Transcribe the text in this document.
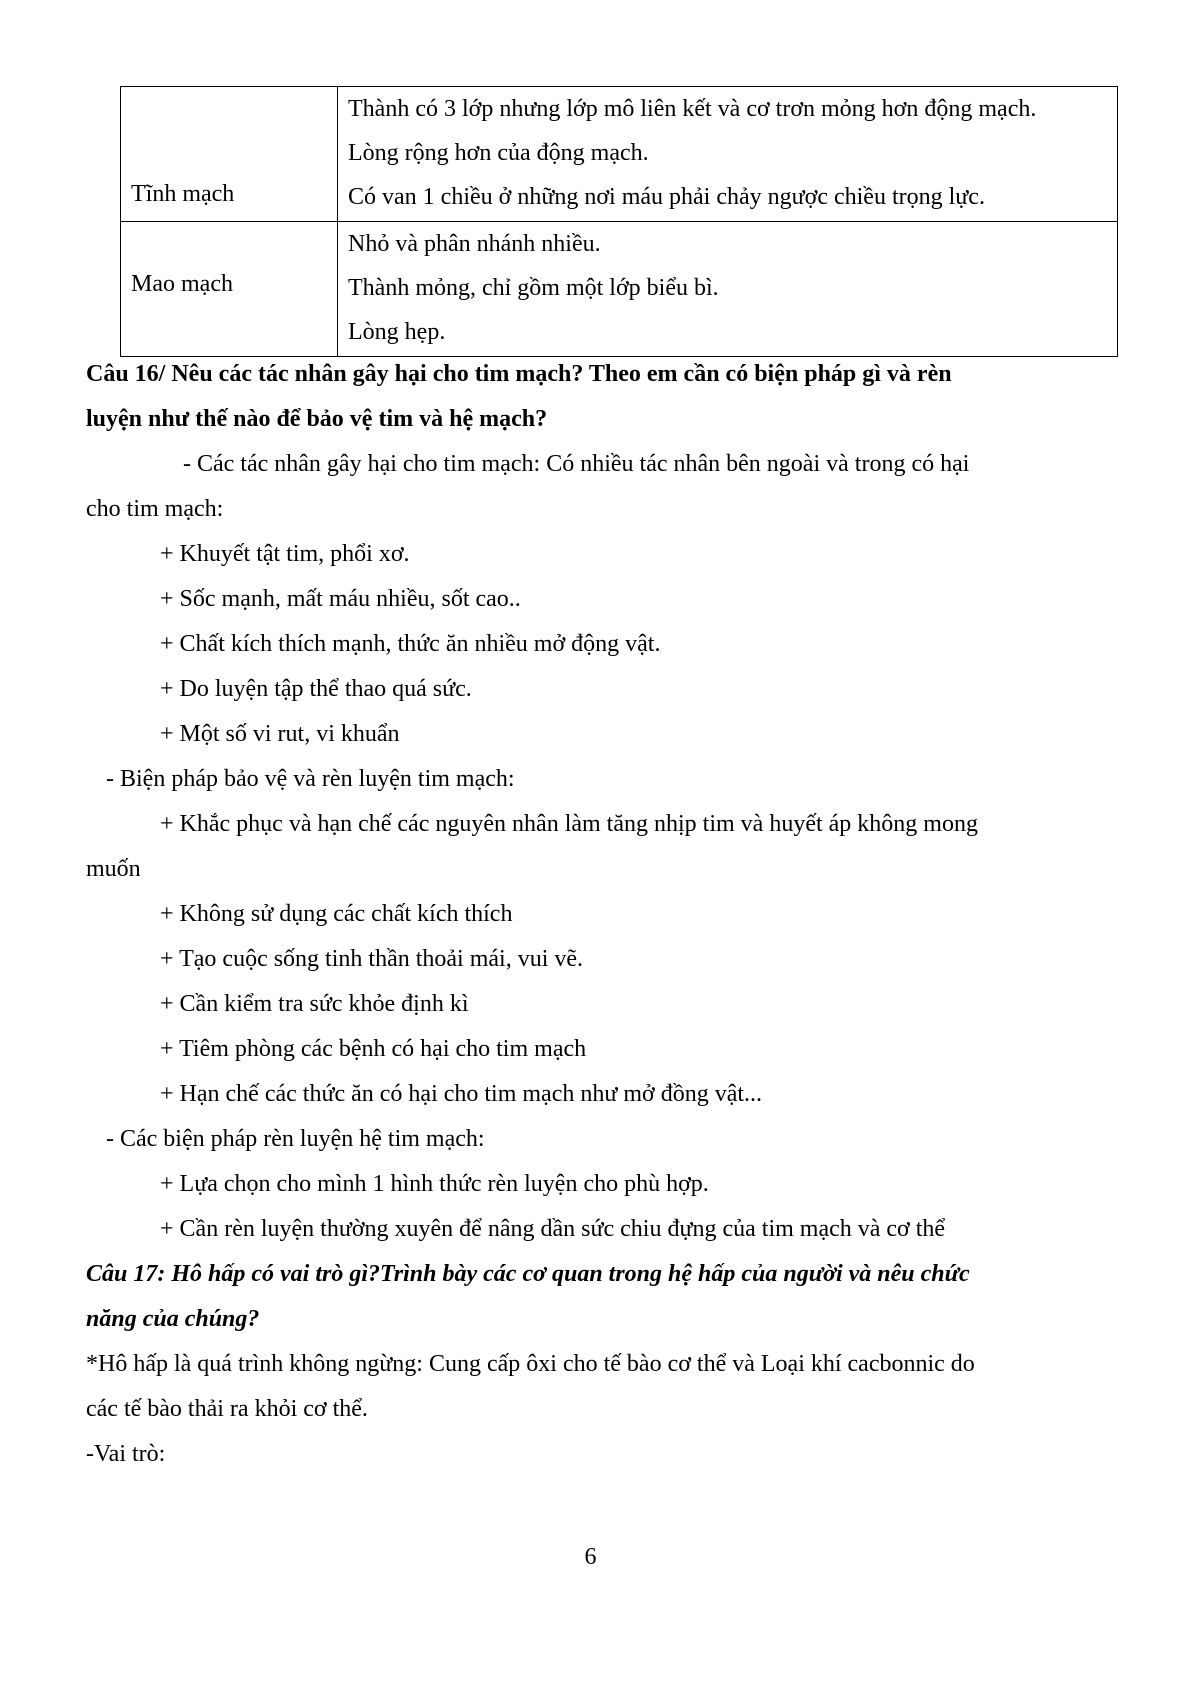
Tĩnh mạch	Thành có 3 lớp nhưng lớp mô liên kết và cơ trơn mỏng hơn động mạch.
Lòng rộng hơn của động mạch.
Có van 1 chiều ở những nơi máu phải chảy ngược chiều trọng lực.

Mao mạch	Nhỏ và phân nhánh nhiều.
Thành mỏng, chỉ gồm một lớp biểu bì.
Lòng hẹp.
Câu 16/ Nêu các tác nhân gây hại cho tim mạch? Theo em cần có biện pháp gì và rèn
luyện như thế nào để bảo vệ tim và hệ mạch?
- Các tác nhân gây hại cho tim mạch: Có nhiều tác nhân bên ngoài và trong có hại
cho tim mạch:
+ Khuyết tật tim, phổi xơ.
+ Sốc mạnh, mất máu nhiều, sốt cao..
+ Chất kích thích mạnh, thức ăn nhiều mở động vật.
+ Do luyện tập thể thao quá sức.
+ Một số vi rut, vi khuẩn
- Biện pháp bảo vệ và rèn luyện tim mạch:
+ Khắc phục và hạn chế các nguyên nhân làm tăng nhịp tim và huyết áp không mong
muốn
+ Không sử dụng các chất kích thích
+ Tạo cuộc sống tinh thần thoải mái, vui vẽ.
+ Cần kiểm tra sức khỏe định kì
+ Tiêm phòng các bệnh có hại cho tim mạch
+ Hạn chế các thức ăn có hại cho tim mạch như mở đồng vật...
- Các biện pháp rèn luyện hệ tim mạch:
+ Lựa chọn cho mình 1 hình thức rèn luyện cho phù hợp.
+ Cần rèn luyện thường xuyên để nâng dần sức chiu đựng của tim mạch và cơ thể
Câu 17: Hô hấp có vai trò gì?Trình bày các cơ quan trong hệ hấp của người và nêu chức
năng của chúng?
*Hô hấp là quá trình không ngừng: Cung cấp ôxi cho tế bào cơ thể và Loại khí cacbonnic do
các tế bào thải ra khỏi cơ thể.
-Vai trò:
6
